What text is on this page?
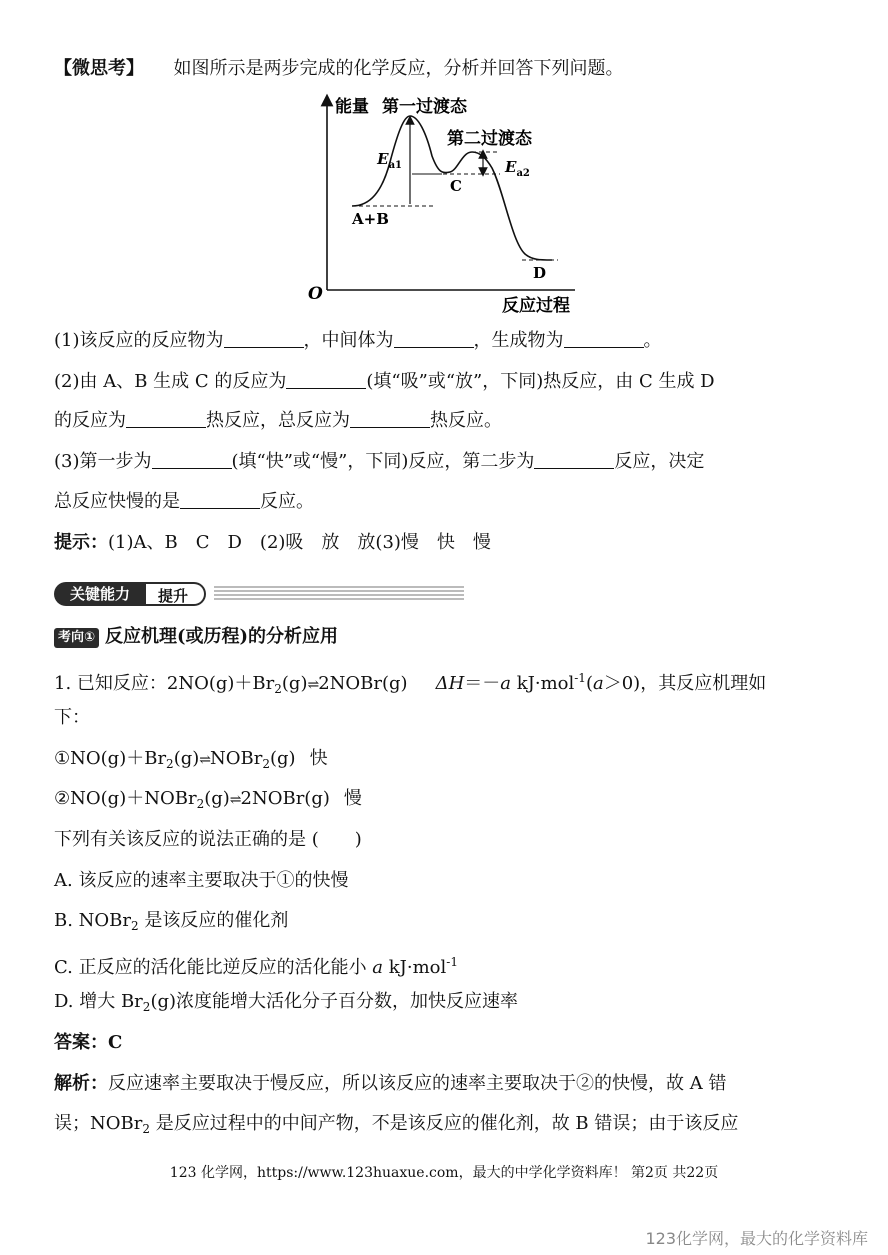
【微思考】 如图所示是两步完成的化学反应，分析并回答下列问题。
能量 第一过渡态
第二过渡态
$E_{a1}$	$E_{a2}$
A+B
C
D
O
反应过程
(1)该反应的反应物为	，中间体为	，生成物为	。
(2)由 A、B 生成 C 的反应为	(填“吸”或“放”，下同)热反应，由 C 生成 D
的反应为	热反应，总反应为	热反应。
(3)第一步为	(填“快”或“慢”，下同)反应，第二步为	反应，决定
总反应快慢的是	反应。
提示：(1)A、B　C　D　(2)吸　放　放(3)慢　快　慢
关键能力	提升
考向① 反应机理(或历程)的分析应用
1. 已知反应：$2NO(g)+Br_2(g)\rightleftharpoons 2NOBr(g)$ ΔH＝－a kJ·mol$^{-1}$(a＞0)，其反应机理如
下：
$①NO(g)+Br_2(g)\rightleftharpoons NOBr_2(g)$ 快
②NO(g)＋NOBr$_2$(g)⇌2NOBr(g) 慢
下列有关该反应的说法正确的是 (　　)
A. 该反应的速率主要取决于①的快慢
B. NOBr$_2$ 是该反应的催化剂
C. 正反应的活化能比逆反应的活化能小 a kJ·mol$^{-1}$
D. 增大 $Br_2(g)$浓度能增大活化分子百分数，加快反应速率
答案：C
解析：反应速率主要取决于慢反应，所以该反应的速率主要取决于②的快慢，故 A 错
误；NOBr$_2$ 是反应过程中的中间产物，不是该反应的催化剂，故 B 错误；由于该反应
123 化学网，https://www.123huaxue.com，最大的中学化学资料库！ 第2页 共22页
123化学网，最大的化学资料库
